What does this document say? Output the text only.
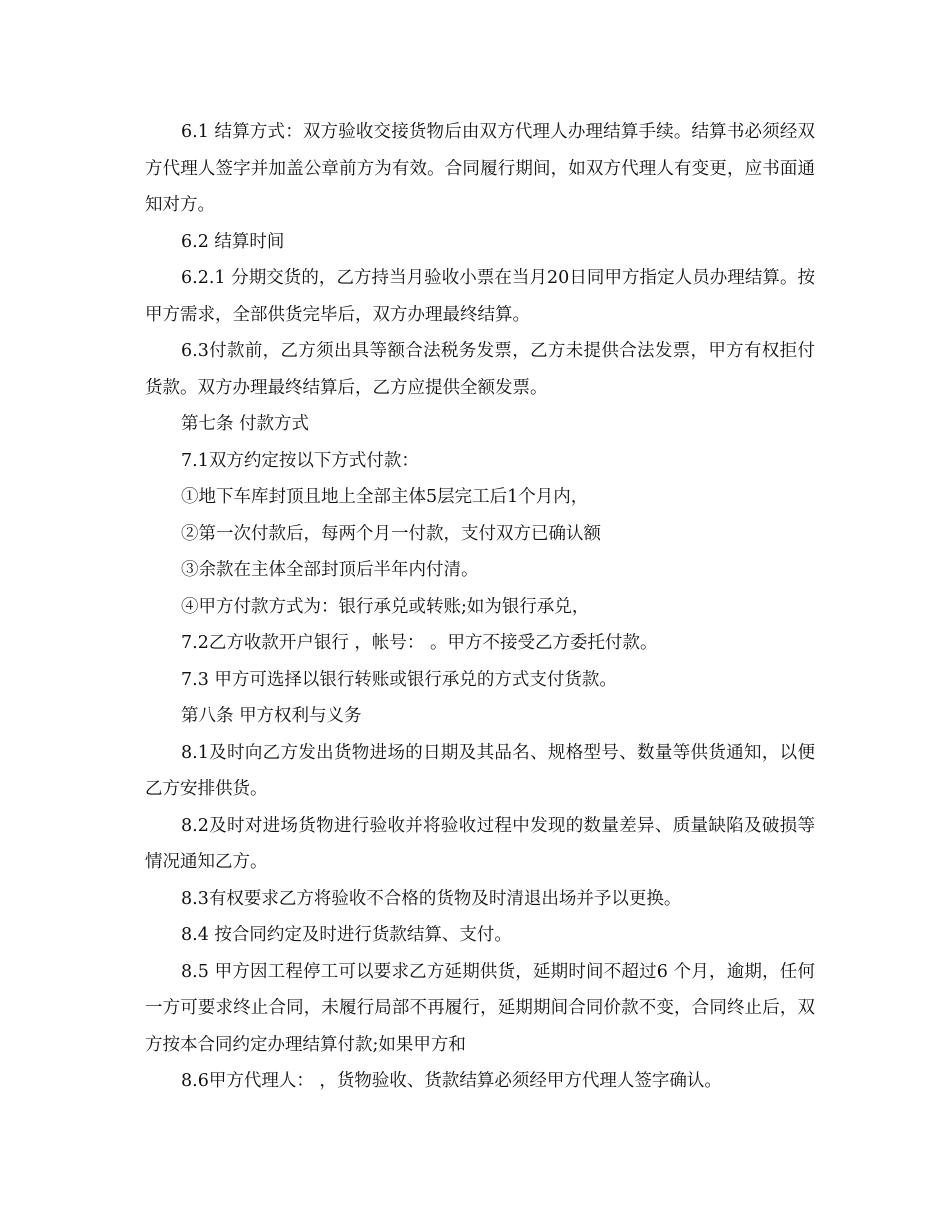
6.1 结算方式：双方验收交接货物后由双方代理人办理结算手续。结算书必须经双方代理人签字并加盖公章前方为有效。合同履行期间，如双方代理人有变更，应书面通知对方。

6.2 结算时间

6.2.1 分期交货的，乙方持当月验收小票在当月20日同甲方指定人员办理结算。按甲方需求，全部供货完毕后，双方办理最终结算。

6.3付款前，乙方须出具等额合法税务发票，乙方未提供合法发票，甲方有权拒付货款。双方办理最终结算后，乙方应提供全额发票。

第七条 付款方式

7.1双方约定按以下方式付款：

①地下车库封顶且地上全部主体5层完工后1个月内，

②第一次付款后，每两个月一付款，支付双方已确认额

③余款在主体全部封顶后半年内付清。

④甲方付款方式为：银行承兑或转账;如为银行承兑，

7.2乙方收款开户银行 ，帐号： 。甲方不接受乙方委托付款。

7.3 甲方可选择以银行转账或银行承兑的方式支付货款。

第八条 甲方权利与义务

8.1及时向乙方发出货物进场的日期及其品名、规格型号、数量等供货通知，以便乙方安排供货。

8.2及时对进场货物进行验收并将验收过程中发现的数量差异、质量缺陷及破损等情况通知乙方。

8.3有权要求乙方将验收不合格的货物及时清退出场并予以更换。

8.4 按合同约定及时进行货款结算、支付。

8.5 甲方因工程停工可以要求乙方延期供货，延期时间不超过6 个月，逾期，任何一方可要求终止合同，未履行局部不再履行，延期期间合同价款不变，合同终止后，双方按本合同约定办理结算付款;如果甲方和

8.6甲方代理人： ，货物验收、货款结算必须经甲方代理人签字确认。
